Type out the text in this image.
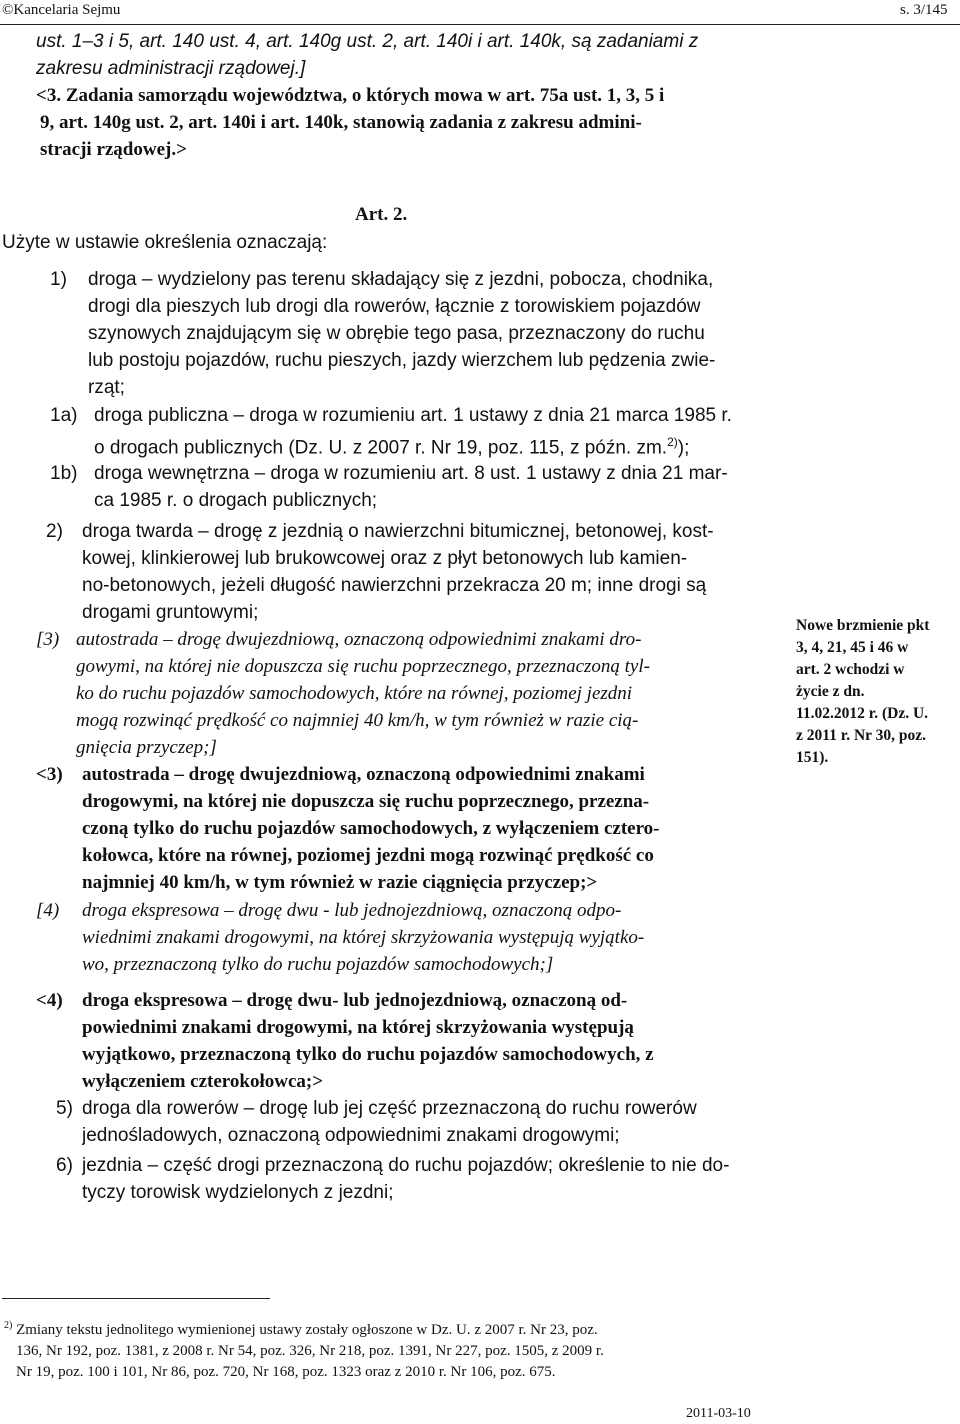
©Kancelaria Sejmu	s. 3/145
ust. 1–3 i 5, art. 140 ust. 4, art. 140g ust. 2, art. 140i i art. 140k, są zadaniami z
zakresu administracji rządowej.]
<3. Zadania samorządu województwa, o których mowa w art. 75a ust. 1, 3, 5 i
9, art. 140g ust. 2, art. 140i i art. 140k, stanowią zadania z zakresu admini-
stracji rządowej.>
Art. 2.
Użyte w ustawie określenia oznaczają:
1) droga – wydzielony pas terenu składający się z jezdni, pobocza, chodnika,
drogi dla pieszych lub drogi dla rowerów, łącznie z torowiskiem pojazdów
szynowych znajdującym się w obrębie tego pasa, przeznaczony do ruchu
lub postoju pojazdów, ruchu pieszych, jazdy wierzchem lub pędzenia zwie-
rząt;
1a) droga publiczna – droga w rozumieniu art. 1 ustawy z dnia 21 marca 1985 r.
o drogach publicznych (Dz. U. z 2007 r. Nr 19, poz. 115, z późn. zm.$^{2)}$);
1b) droga wewnętrzna – droga w rozumieniu art. 8 ust. 1 ustawy z dnia 21 mar-
ca 1985 r. o drogach publicznych;
2) droga twarda – drogę z jezdnią o nawierzchni bitumicznej, betonowej, kost-
kowej, klinkierowej lub brukowcowej oraz z płyt betonowych lub kamien-
no-betonowych, jeżeli długość nawierzchni przekracza 20 m; inne drogi są
drogami gruntowymi;
[3) autostrada – drogę dwujezdniową, oznaczoną odpowiednimi znakami dro-
gowymi, na której nie dopuszcza się ruchu poprzecznego, przeznaczoną tyl-
ko do ruchu pojazdów samochodowych, które na równej, poziomej jezdni
mogą rozwinąć prędkość co najmniej 40 km/h, w tym również w razie cią-
gnięcia przyczep;]
<3) autostrada – drogę dwujezdniową, oznaczoną odpowiednimi znakami
drogowymi, na której nie dopuszcza się ruchu poprzecznego, przezna-
czoną tylko do ruchu pojazdów samochodowych, z wyłączeniem cztero-
kołowca, które na równej, poziomej jezdni mogą rozwinąć prędkość co
najmniej 40 km/h, w tym również w razie ciągnięcia przyczep;>
[4) droga ekspresowa – drogę dwu - lub jednojezdniową, oznaczoną odpo-
wiednimi znakami drogowymi, na której skrzyżowania występują wyjątko-
wo, przeznaczoną tylko do ruchu pojazdów samochodowych;]
<4) droga ekspresowa – drogę dwu- lub jednojezdniową, oznaczoną od-
powiednimi znakami drogowymi, na której skrzyżowania występują
wyjątkowo, przeznaczoną tylko do ruchu pojazdów samochodowych, z
wyłączeniem czterokołowca;>
5) droga dla rowerów – drogę lub jej część przeznaczoną do ruchu rowerów
jednośladowych, oznaczoną odpowiednimi znakami drogowymi;
6) jezdnia – część drogi przeznaczoną do ruchu pojazdów; określenie to nie do-
tyczy torowisk wydzielonych z jezdni;
Nowe brzmienie pkt
3, 4, 21, 45 i 46 w
art. 2 wchodzi w
życie z dn.
11.02.2012 r. (Dz. U.
z 2011 r. Nr 30, poz.
151).
$^{2)}$ Zmiany tekstu jednolitego wymienionej ustawy zostały ogłoszone w Dz. U. z 2007 r. Nr 23, poz.
136, Nr 192, poz. 1381, z 2008 r. Nr 54, poz. 326, Nr 218, poz. 1391, Nr 227, poz. 1505, z 2009 r.
Nr 19, poz. 100 i 101, Nr 86, poz. 720, Nr 168, poz. 1323 oraz z 2010 r. Nr 106, poz. 675.
2011-03-10
